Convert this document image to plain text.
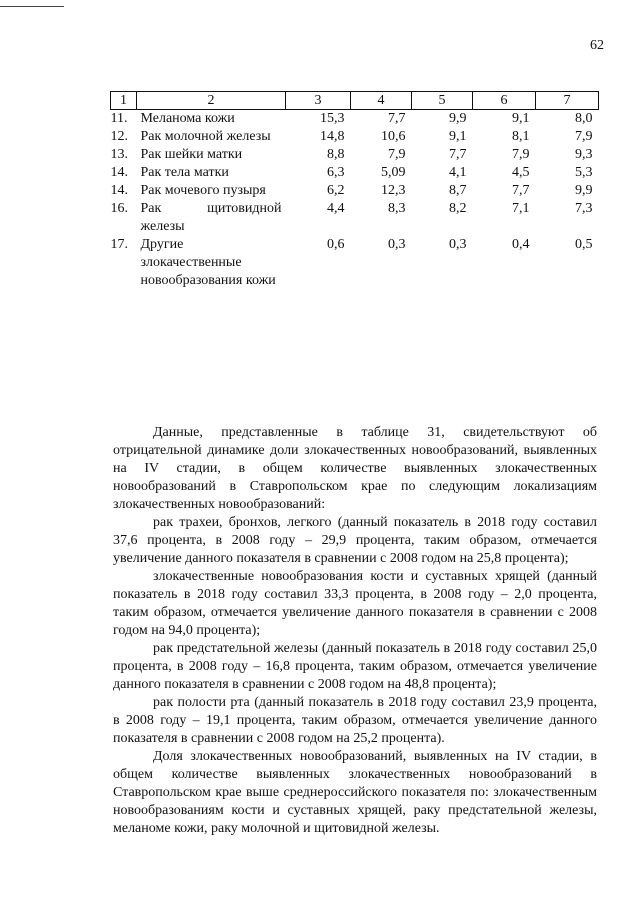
62
1	2	3	4	5	6	7
11.	Меланома кожи	15,3	7,7	9,9	9,1	8,0
12.	Рак молочной железы	14,8	10,6	9,1	8,1	7,9
13.	Рак шейки матки	8,8	7,9	7,7	7,9	9,3
14.	Рак тела матки	6,3	5,09	4,1	4,5	5,3
14.	Рак мочевого пузыря	6,2	12,3	8,7	7,7	9,9
16.	Рак щитовидной железы	4,4	8,3	8,2	7,1	7,3
17.	Другие злокачественные новообразования кожи	0,6	0,3	0,3	0,4	0,5

Данные, представленные в таблице 31, свидетельствуют об отрицательной динамике доли злокачественных новообразований, выявленных на IV стадии, в общем количестве выявленных злокачественных новообразований в Ставропольском крае по следующим локализациям злокачественных новообразований:

рак трахеи, бронхов, легкого (данный показатель в 2018 году составил 37,6 процента, в 2008 году – 29,9 процента, таким образом, отмечается увеличение данного показателя в сравнении с 2008 годом на 25,8 процента);

злокачественные новообразования кости и суставных хрящей (данный показатель в 2018 году составил 33,3 процента, в 2008 году – 2,0 процента, таким образом, отмечается увеличение данного показателя в сравнении с 2008 годом на 94,0 процента);

рак предстательной железы (данный показатель в 2018 году составил 25,0 процента, в 2008 году – 16,8 процента, таким образом, отмечается увеличение данного показателя в сравнении с 2008 годом на 48,8 процента);

рак полости рта (данный показатель в 2018 году составил 23,9 процента, в 2008 году – 19,1 процента, таким образом, отмечается увеличение данного показателя в сравнении с 2008 годом на 25,2 процента).

Доля злокачественных новообразований, выявленных на IV стадии, в общем количестве выявленных злокачественных новообразований в Ставропольском крае выше среднероссийского показателя по: злокачественным новообразованиям кости и суставных хрящей, раку предстательной железы, меланоме кожи, раку молочной и щитовидной железы.
